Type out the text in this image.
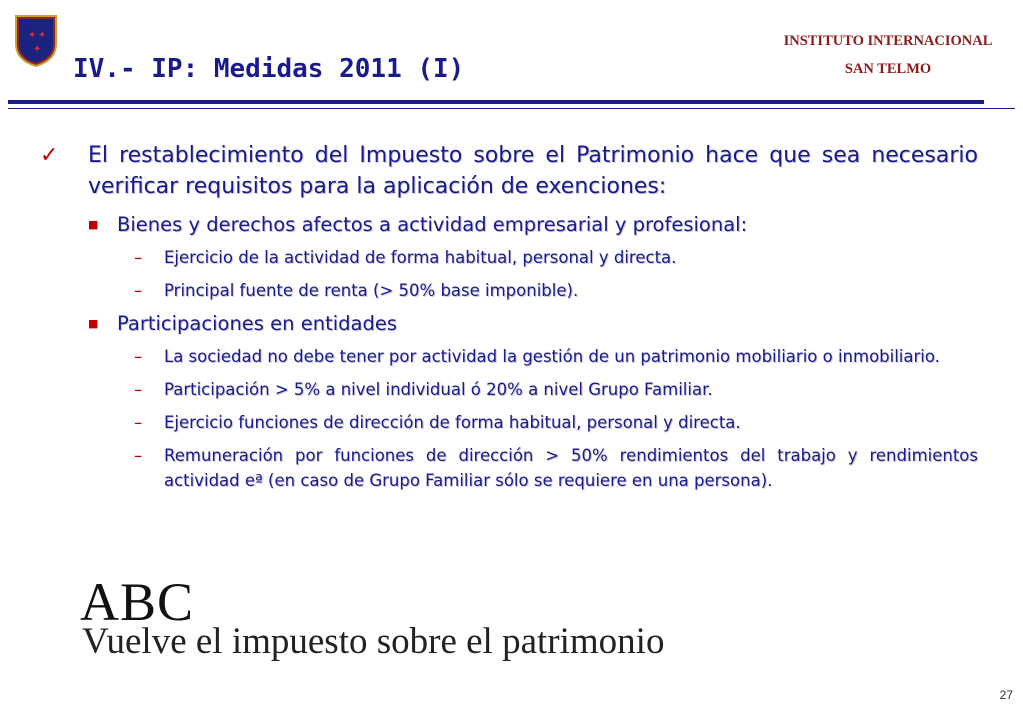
✦ ✦
✦
IV.- IP: Medidas 2011 (I)
INSTITUTO INTERNACIONAL
SAN TELMO
✓	El restablecimiento del Impuesto sobre el Patrimonio hace que sea necesario verificar requisitos para la aplicación de exenciones:
■ Bienes y derechos afectos a actividad empresarial y profesional:
–	Ejercicio de la actividad de forma habitual, personal y directa.
–	Principal fuente de renta (> 50% base imponible).
■ Participaciones en entidades
–	La sociedad no debe tener por actividad la gestión de un patrimonio mobiliario o inmobiliario.
–	Participación > 5% a nivel individual ó 20% a nivel Grupo Familiar.
–	Ejercicio funciones de dirección de forma habitual, personal y directa.
–	Remuneración por funciones de dirección > 50% rendimientos del trabajo y rendimientos actividad eª (en caso de Grupo Familiar sólo se requiere en una persona).
ABC
Vuelve el impuesto sobre el patrimonio
27
